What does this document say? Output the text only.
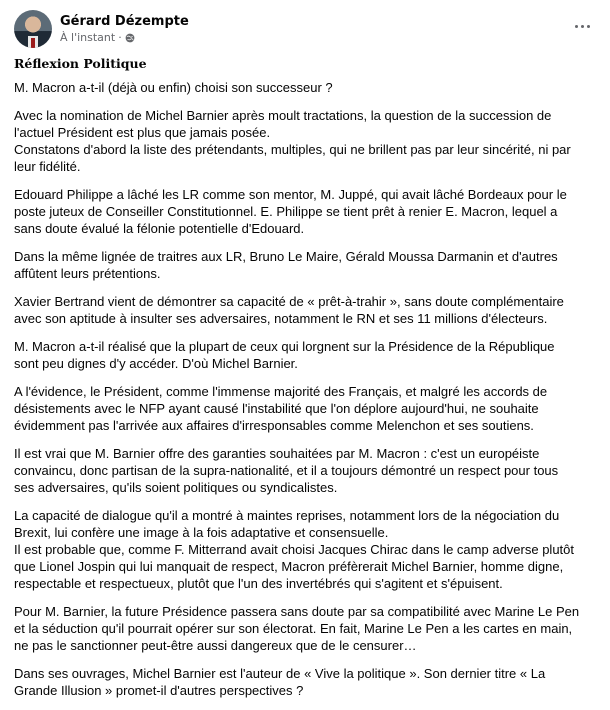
Gérard Dézempte
À l'instant ·
Réflexion Politique
M. Macron a-t-il (déjà ou enfin) choisi son successeur ?
Avec la nomination de Michel Barnier après moult tractations, la question de la succession de
l'actuel Président est plus que jamais posée.
Constatons d'abord la liste des prétendants, multiples, qui ne brillent pas par leur sincérité, ni par
leur fidélité.
Edouard Philippe a lâché les LR comme son mentor, M. Juppé, qui avait lâché Bordeaux pour le
poste juteux de Conseiller Constitutionnel. E. Philippe se tient prêt à renier E. Macron, lequel a
sans doute évalué la félonie potentielle d'Edouard.
Dans la même lignée de traitres aux LR, Bruno Le Maire, Gérald Moussa Darmanin et d'autres
affûtent leurs prétentions.
Xavier Bertrand vient de démontrer sa capacité de « prêt-à-trahir », sans doute complémentaire
avec son aptitude à insulter ses adversaires, notamment le RN et ses 11 millions d'électeurs.
M. Macron a-t-il réalisé que la plupart de ceux qui lorgnent sur la Présidence de la République
sont peu dignes d'y accéder. D'où Michel Barnier.
A l'évidence, le Président, comme l'immense majorité des Français, et malgré les accords de
désistements avec le NFP ayant causé l'instabilité que l'on déplore aujourd'hui, ne souhaite
évidemment pas l'arrivée aux affaires d'irresponsables comme Melenchon et ses soutiens.
Il est vrai que M. Barnier offre des garanties souhaitées par M. Macron : c'est un européiste
convaincu, donc partisan de la supra-nationalité, et il a toujours démontré un respect pour tous
ses adversaires, qu'ils soient politiques ou syndicalistes.
La capacité de dialogue qu'il a montré à maintes reprises, notamment lors de la négociation du
Brexit, lui confère une image à la fois adaptative et consensuelle.
Il est probable que, comme F. Mitterrand avait choisi Jacques Chirac dans le camp adverse plutôt
que Lionel Jospin qui lui manquait de respect, Macron préfèrerait Michel Barnier, homme digne,
respectable et respectueux, plutôt que l'un des invertébrés qui s'agitent et s'épuisent.
Pour M. Barnier, la future Présidence passera sans doute par sa compatibilité avec Marine Le Pen
et la séduction qu'il pourrait opérer sur son électorat. En fait, Marine Le Pen a les cartes en main,
ne pas le sanctionner peut-être aussi dangereux que de le censurer…
Dans ses ouvrages, Michel Barnier est l'auteur de « Vive la politique ». Son dernier titre « La
Grande Illusion » promet-il d'autres perspectives ?
